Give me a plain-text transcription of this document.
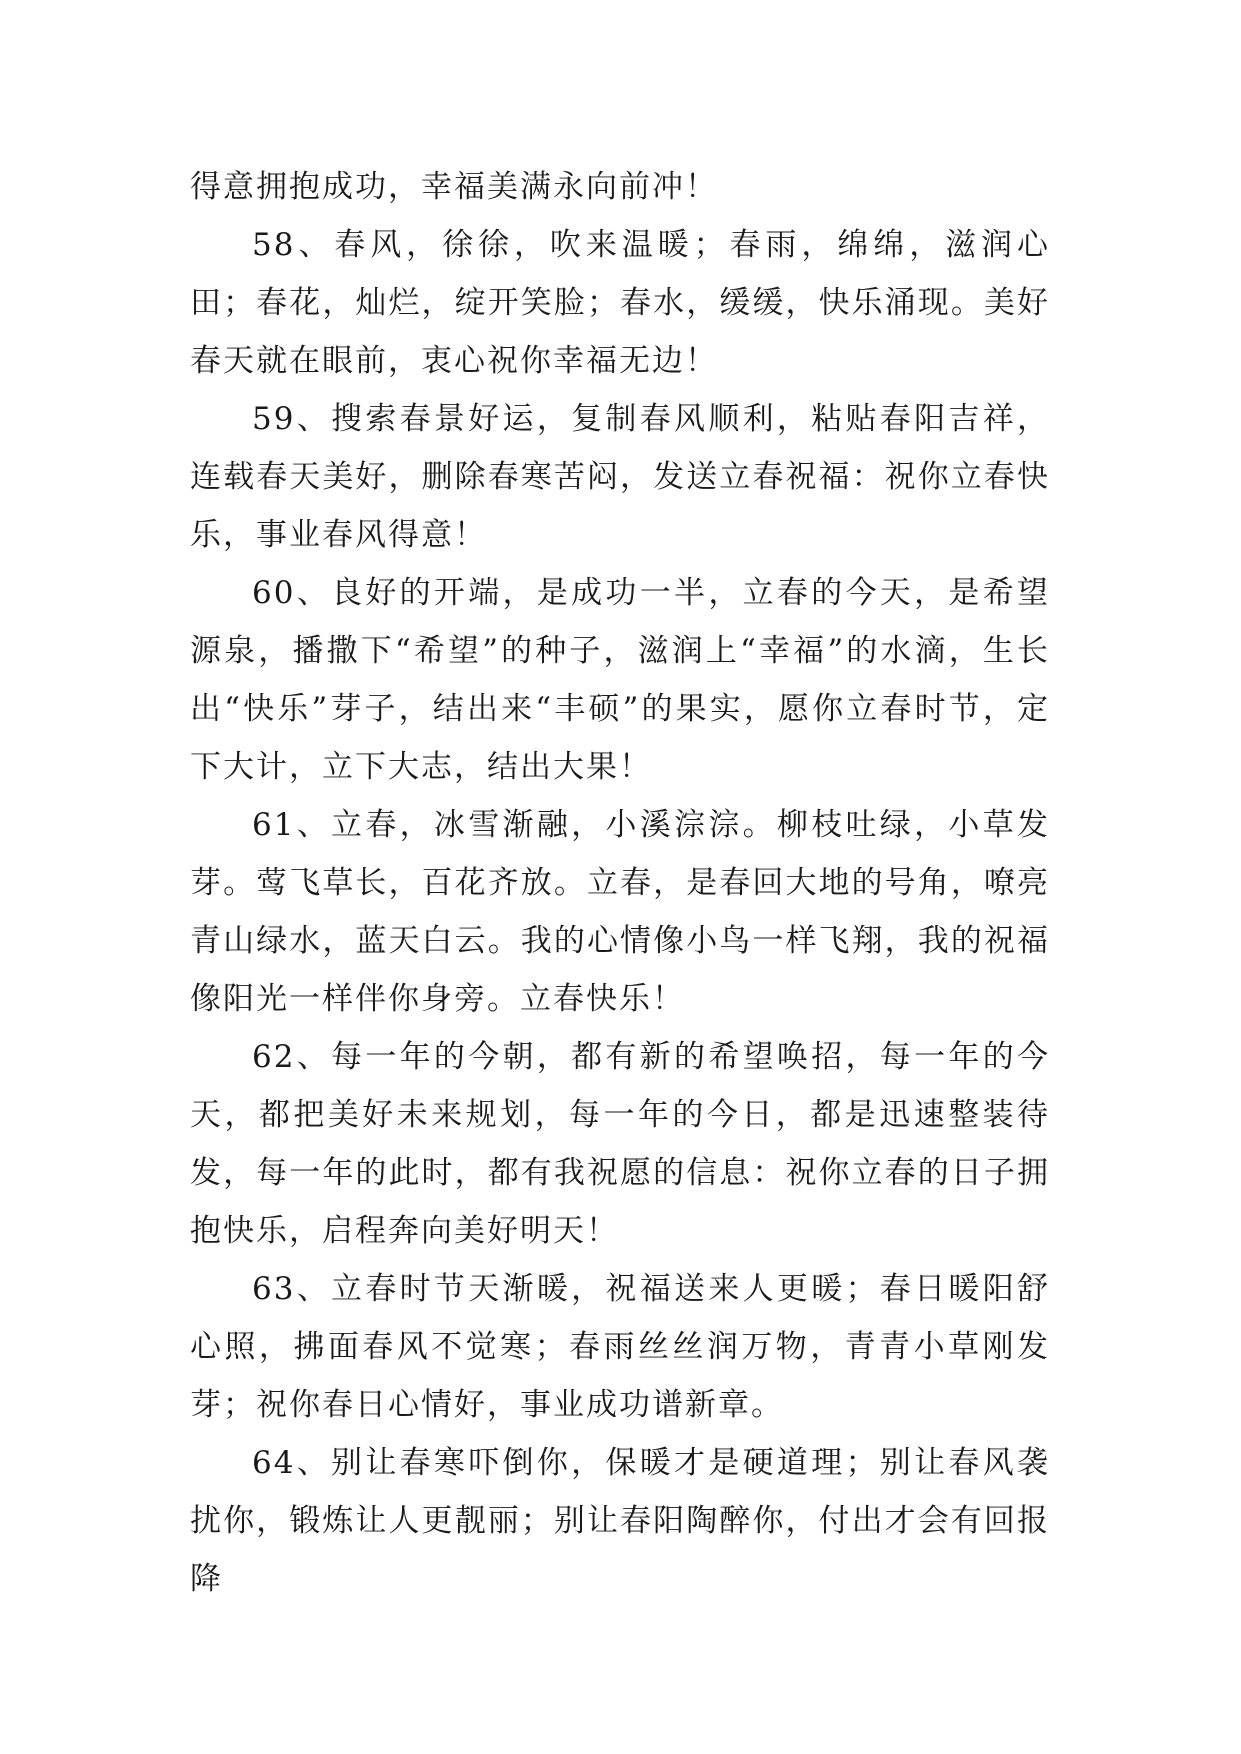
得意拥抱成功，幸福美满永向前冲！

58、春风，徐徐，吹来温暖；春雨，绵绵，滋润心田；春花，灿烂，绽开笑脸；春水，缓缓，快乐涌现。美好春天就在眼前，衷心祝你幸福无边！

59、搜索春景好运，复制春风顺利，粘贴春阳吉祥，连载春天美好，删除春寒苦闷，发送立春祝福：祝你立春快乐，事业春风得意！

60、良好的开端，是成功一半，立春的今天，是希望源泉，播撒下“希望”的种子，滋润上“幸福”的水滴，生长出“快乐”芽子，结出来“丰硕”的果实，愿你立春时节，定下大计，立下大志，结出大果！

61、立春，冰雪渐融，小溪淙淙。柳枝吐绿，小草发芽。莺飞草长，百花齐放。立春，是春回大地的号角，嘹亮青山绿水，蓝天白云。我的心情像小鸟一样飞翔，我的祝福像阳光一样伴你身旁。立春快乐！

62、每一年的今朝，都有新的希望唤招，每一年的今天，都把美好未来规划，每一年的今日，都是迅速整装待发，每一年的此时，都有我祝愿的信息：祝你立春的日子拥抱快乐，启程奔向美好明天！

63、立春时节天渐暖，祝福送来人更暖；春日暖阳舒心照，拂面春风不觉寒；春雨丝丝润万物，青青小草刚发芽；祝你春日心情好，事业成功谱新章。

64、别让春寒吓倒你，保暖才是硬道理；别让春风袭扰你，锻炼让人更靓丽；别让春阳陶醉你，付出才会有回报降
